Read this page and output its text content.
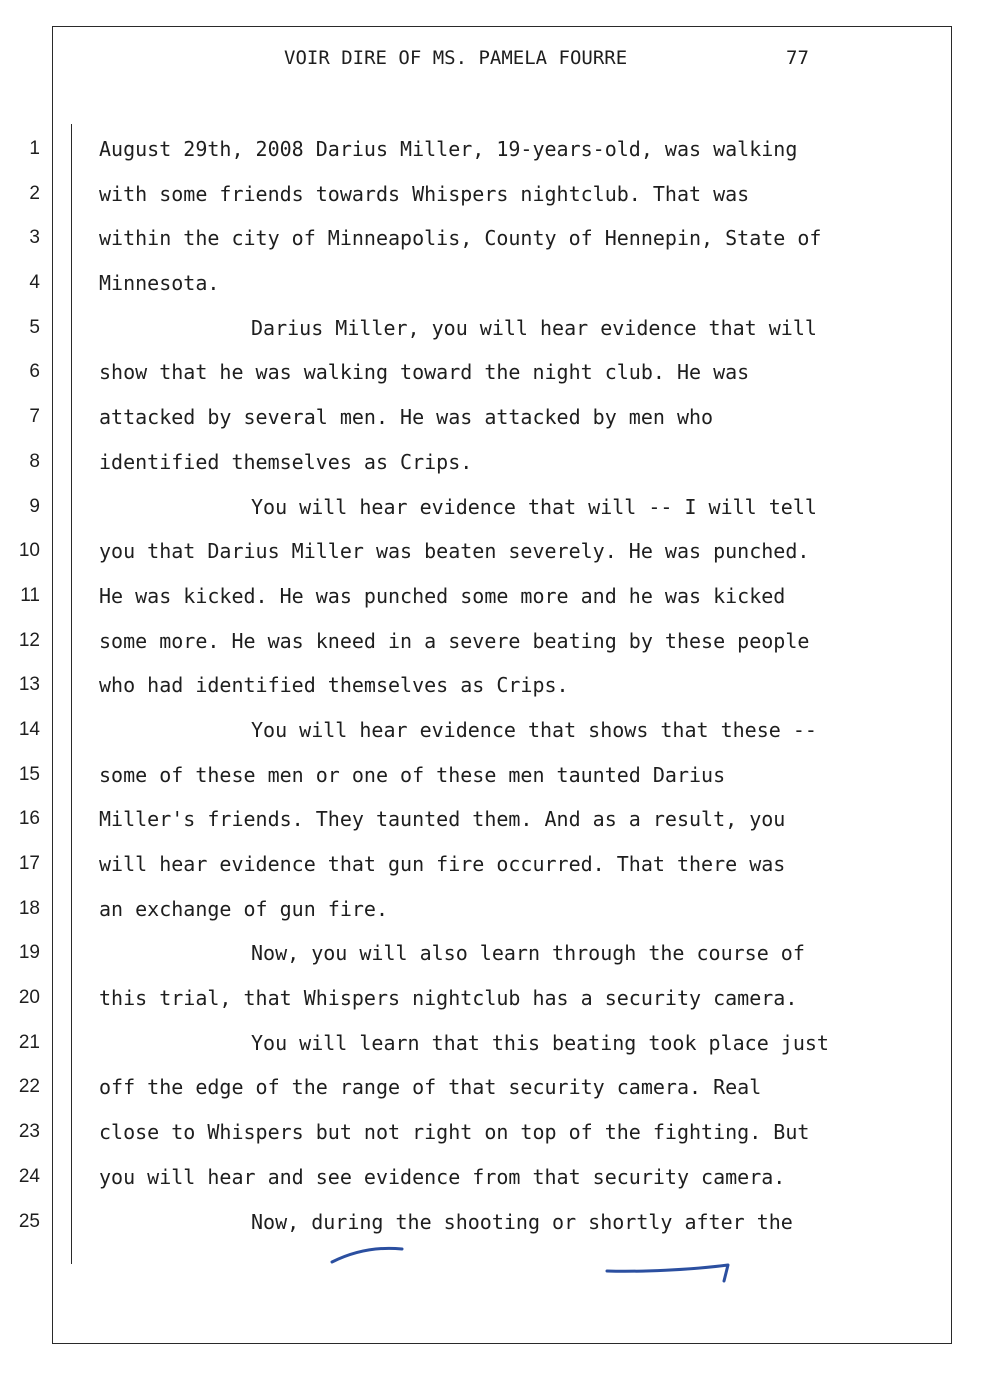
VOIR DIRE OF MS. PAMELA FOURRE	77
1
2
3
4
5
6
7
8
9
10
11
12
13
14
15
16
17
18
19
20
21
22
23
24
25
August 29th, 2008 Darius Miller, 19-years-old, was walking
with some friends towards Whispers nightclub. That was
within the city of Minneapolis, County of Hennepin, State of
Minnesota.
Darius Miller, you will hear evidence that will
show that he was walking toward the night club. He was
attacked by several men. He was attacked by men who
identified themselves as Crips.
You will hear evidence that will -- I will tell
you that Darius Miller was beaten severely. He was punched.
He was kicked. He was punched some more and he was kicked
some more. He was kneed in a severe beating by these people
who had identified themselves as Crips.
You will hear evidence that shows that these --
some of these men or one of these men taunted Darius
Miller's friends. They taunted them. And as a result, you
will hear evidence that gun fire occurred. That there was
an exchange of gun fire.
Now, you will also learn through the course of
this trial, that Whispers nightclub has a security camera.
You will learn that this beating took place just
off the edge of the range of that security camera. Real
close to Whispers but not right on top of the fighting. But
you will hear and see evidence from that security camera.
Now, during the shooting or shortly after the
